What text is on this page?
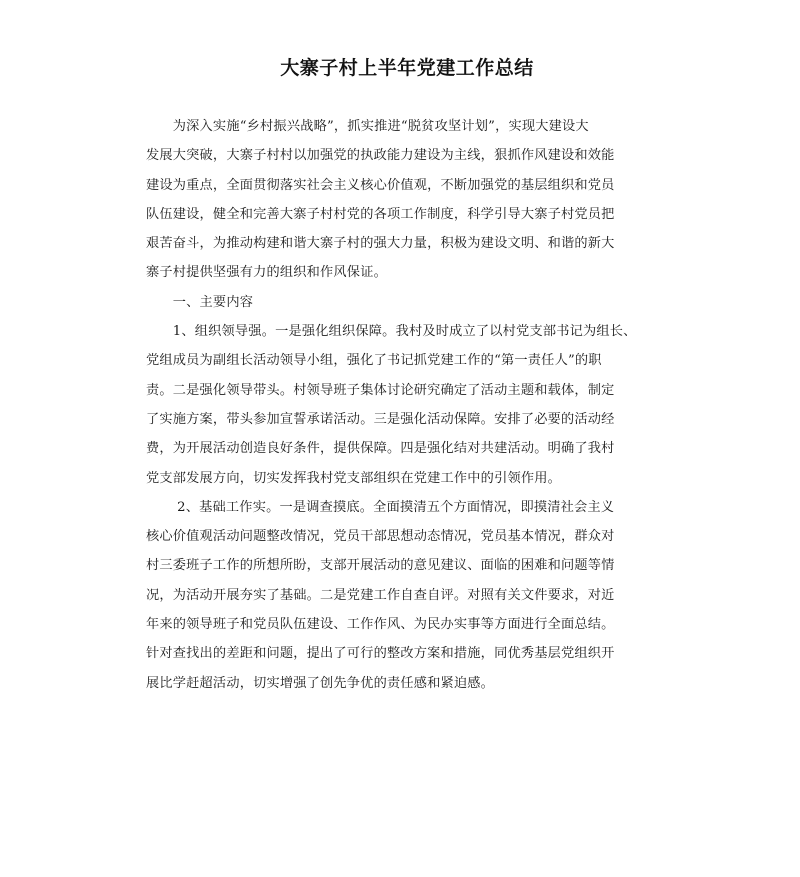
大寨子村上半年党建工作总结
　　为深入实施“乡村振兴战略”，抓实推进“脱贫攻坚计划”，实现大建设大
发展大突破，大寨子村村以加强党的执政能力建设为主线，狠抓作风建设和效能
建设为重点，全面贯彻落实社会主义核心价值观，不断加强党的基层组织和党员
队伍建设，健全和完善大寨子村村党的各项工作制度，科学引导大寨子村党员把
艰苦奋斗，为推动构建和谐大寨子村的强大力量，积极为建设文明、和谐的新大
寨子村提供坚强有力的组织和作风保证。
　　一、主要内容
　　1、组织领导强。一是强化组织保障。我村及时成立了以村党支部书记为组长、
党组成员为副组长活动领导小组，强化了书记抓党建工作的“第一责任人”的职
责。二是强化领导带头。村领导班子集体讨论研究确定了活动主题和载体，制定
了实施方案，带头参加宣誓承诺活动。三是强化活动保障。安排了必要的活动经
费，为开展活动创造良好条件，提供保障。四是强化结对共建活动。明确了我村
党支部发展方向，切实发挥我村党支部组织在党建工作中的引领作用。
　　 2、基础工作实。一是调查摸底。全面摸清五个方面情况，即摸清社会主义
核心价值观活动问题整改情况，党员干部思想动态情况，党员基本情况，群众对
村三委班子工作的所想所盼，支部开展活动的意见建议、面临的困难和问题等情
况，为活动开展夯实了基础。二是党建工作自查自评。对照有关文件要求，对近
年来的领导班子和党员队伍建设、工作作风、为民办实事等方面进行全面总结。
针对查找出的差距和问题，提出了可行的整改方案和措施，同优秀基层党组织开
展比学赶超活动，切实增强了创先争优的责任感和紧迫感。
